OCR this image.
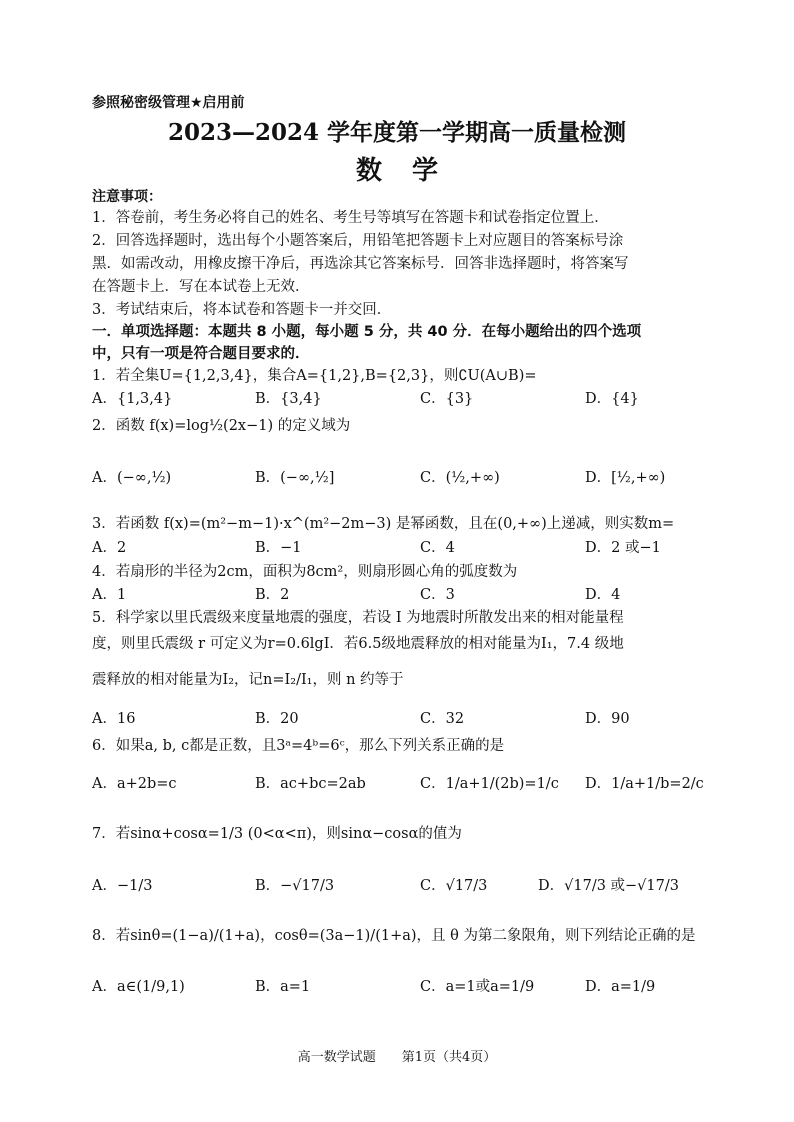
参照秘密级管理★启用前
2023—2024 学年度第一学期高一质量检测
数学
注意事项：
1．答卷前，考生务必将自己的姓名、考生号等填写在答题卡和试卷指定位置上．
2．回答选择题时，选出每个小题答案后，用铅笔把答题卡上对应题目的答案标号涂
黑．如需改动，用橡皮擦干净后，再选涂其它答案标号．回答非选择题时，将答案写
在答题卡上．写在本试卷上无效．
3．考试结束后，将本试卷和答题卡一并交回．
一．单项选择题：本题共 8 小题，每小题 5 分，共 40 分．在每小题给出的四个选项
中，只有一项是符合题目要求的．
1．若全集U={1,2,3,4}，集合A={1,2},B={2,3}，则∁U(A∪B)=
A．{1,3,4}	B．{3,4}	C．{3}	D．{4}
2．函数 f(x)=log½(2x−1) 的定义域为
A．(−∞,½)	B．(−∞,½]	C．(½,+∞)	D．[½,+∞)
3．若函数 f(x)=(m²−m−1)·x^(m²−2m−3) 是幂函数，且在(0,+∞)上递减，则实数m=
A．2	B．−1	C．4	D．2 或−1
4．若扇形的半径为2cm，面积为8cm²，则扇形圆心角的弧度数为
A．1	B．2	C．3	D．4
5．科学家以里氏震级来度量地震的强度，若设 I 为地震时所散发出来的相对能量程
度，则里氏震级 r 可定义为r=0.6lgI．若6.5级地震释放的相对能量为I₁，7.4 级地
震释放的相对能量为I₂，记n=I₂/I₁，则 n 约等于
A．16	B．20	C．32	D．90
6．如果a, b, c都是正数，且3ᵃ=4ᵇ=6ᶜ，那么下列关系正确的是
A．a+2b=c	B．ac+bc=2ab	C．1/a+1/(2b)=1/c D．1/a+1/b=2/c
7．若sinα+cosα=1/3 (0<α<π)，则sinα−cosα的值为
A．−1/3	B．−√17/3	C．√17/3	D．√17/3 或−√17/3
8．若sinθ=(1−a)/(1+a)，cosθ=(3a−1)/(1+a)，且 θ 为第二象限角，则下列结论正确的是
A．a∈(1/9,1)	B．a=1	C．a=1或a=1/9	D．a=1/9
高一数学试题　　第1页（共4页）
